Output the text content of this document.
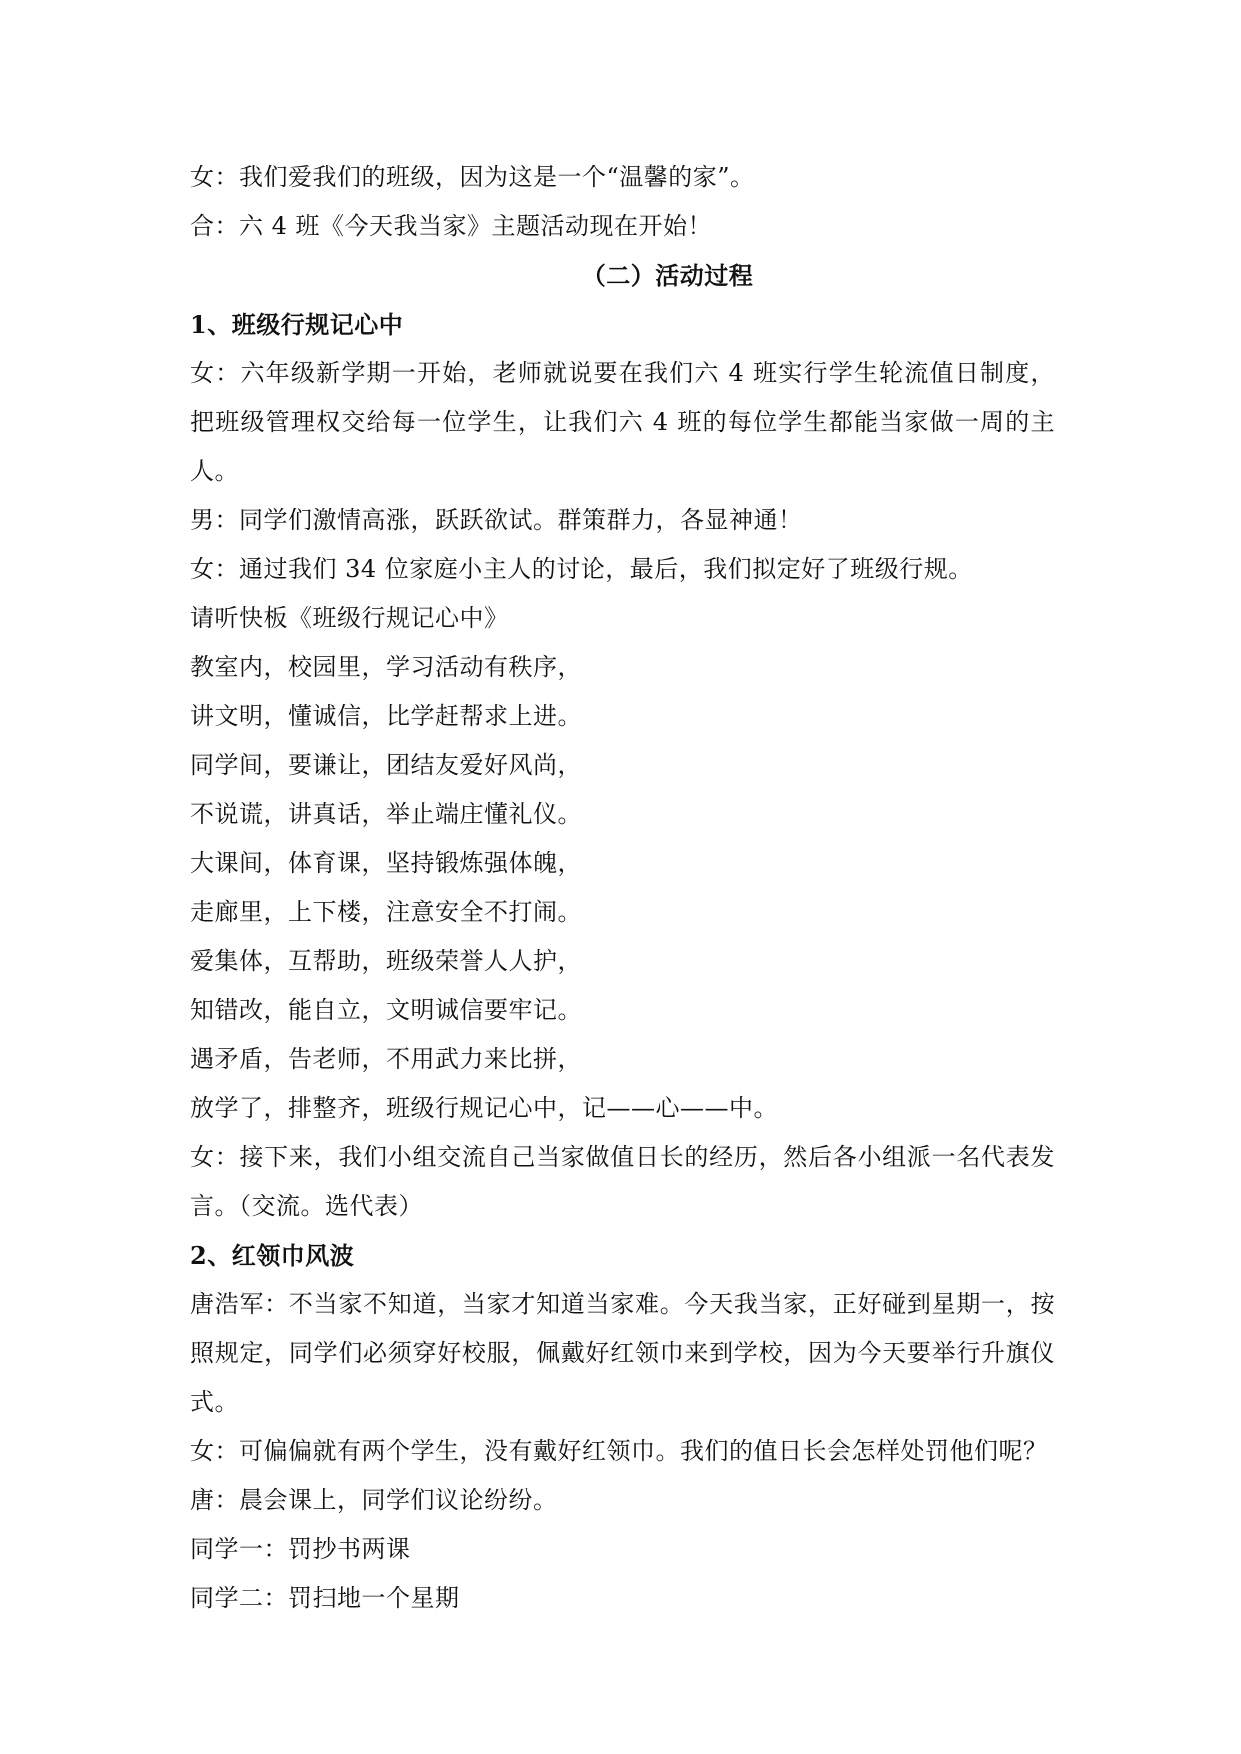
女：我们爱我们的班级，因为这是一个“温馨的家”。
合：六 4 班《今天我当家》主题活动现在开始！
（二）活动过程
1、班级行规记心中
女：六年级新学期一开始，老师就说要在我们六 4 班实行学生轮流值日制度，把班级管理权交给每一位学生，让我们六 4 班的每位学生都能当家做一周的主人。
男：同学们激情高涨，跃跃欲试。群策群力，各显神通！
女：通过我们 34 位家庭小主人的讨论，最后，我们拟定好了班级行规。
请听快板《班级行规记心中》
教室内，校园里，学习活动有秩序，
讲文明，懂诚信，比学赶帮求上进。
同学间，要谦让，团结友爱好风尚，
不说谎，讲真话，举止端庄懂礼仪。
大课间，体育课，坚持锻炼强体魄，
走廊里，上下楼，注意安全不打闹。
爱集体，互帮助，班级荣誉人人护，
知错改，能自立，文明诚信要牢记。
遇矛盾，告老师，不用武力来比拼，
放学了，排整齐，班级行规记心中，记——心——中。
女：接下来，我们小组交流自己当家做值日长的经历，然后各小组派一名代表发言。（交流。选代表）
2、红领巾风波
唐浩军：不当家不知道，当家才知道当家难。今天我当家，正好碰到星期一，按照规定，同学们必须穿好校服，佩戴好红领巾来到学校，因为今天要举行升旗仪式。
女：可偏偏就有两个学生，没有戴好红领巾。我们的值日长会怎样处罚他们呢？
唐：晨会课上，同学们议论纷纷。
同学一：罚抄书两课
同学二：罚扫地一个星期
